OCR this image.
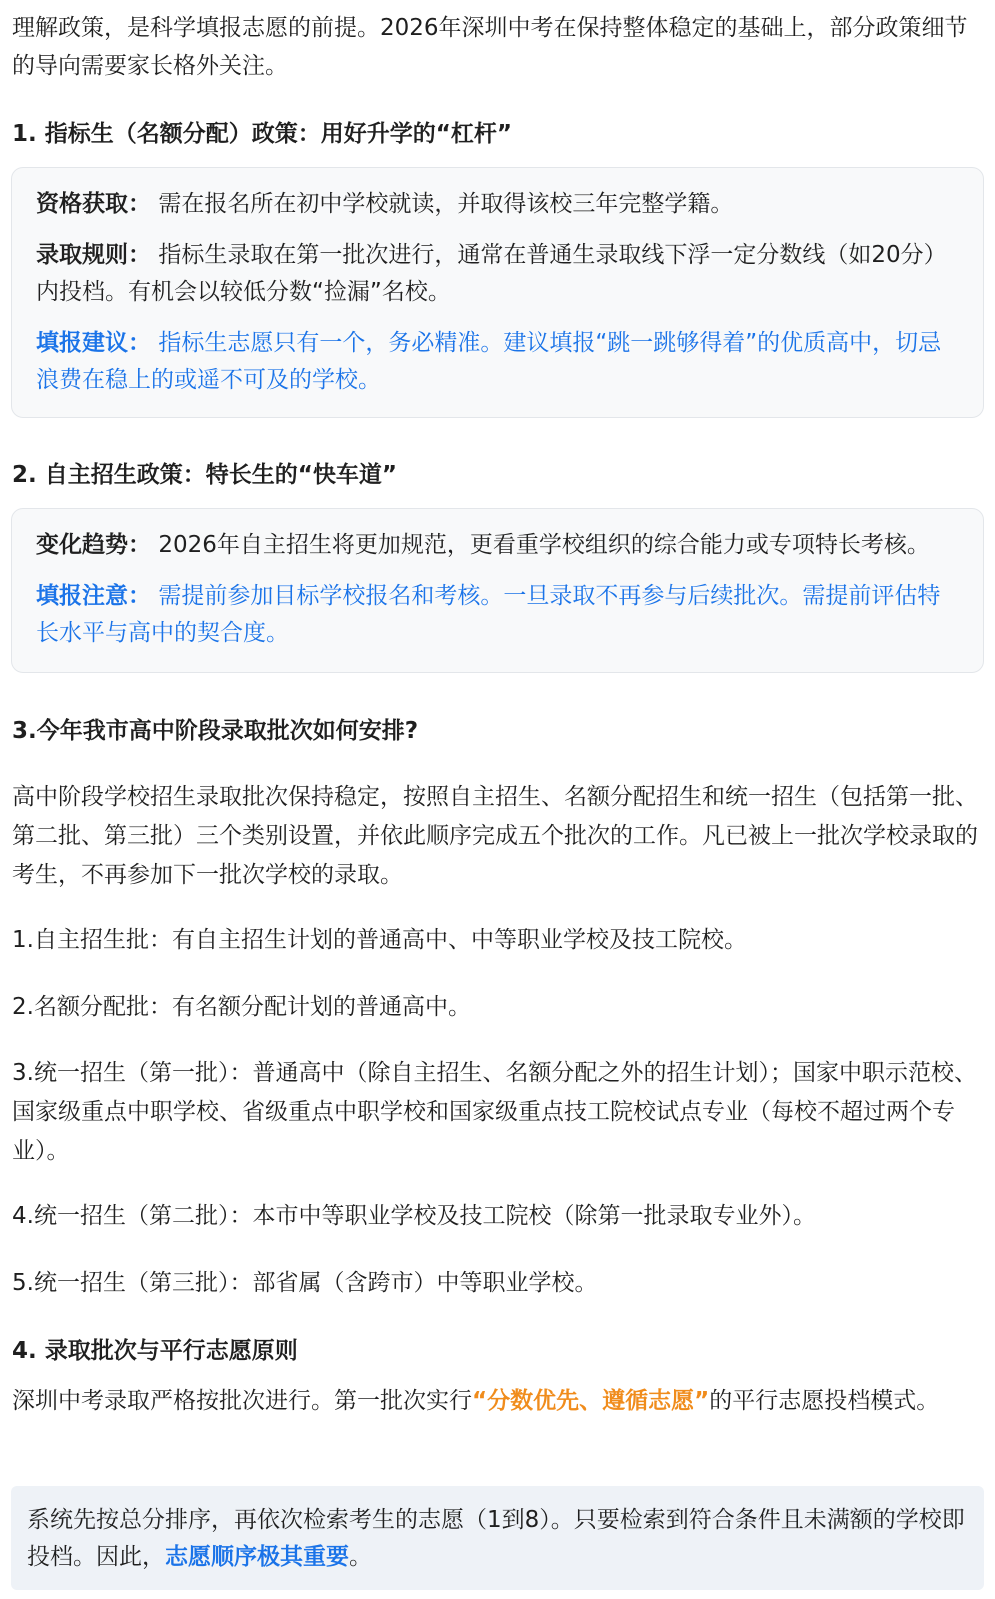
理解政策，是科学填报志愿的前提。2026年深圳中考在保持整体稳定的基础上，部分政策细节的导向需要家长格外关注。

1. 指标生（名额分配）政策：用好升学的“杠杆”

资格获取： 需在报名所在初中学校就读，并取得该校三年完整学籍。

录取规则： 指标生录取在第一批次进行，通常在普通生录取线下浮一定分数线（如20分）内投档。有机会以较低分数“捡漏”名校。

填报建议： 指标生志愿只有一个，务必精准。建议填报“跳一跳够得着”的优质高中，切忌浪费在稳上的或遥不可及的学校。

2. 自主招生政策：特长生的“快车道”

变化趋势： 2026年自主招生将更加规范，更看重学校组织的综合能力或专项特长考核。

填报注意： 需提前参加目标学校报名和考核。一旦录取不再参与后续批次。需提前评估特长水平与高中的契合度。

3.今年我市高中阶段录取批次如何安排?

高中阶段学校招生录取批次保持稳定，按照自主招生、名额分配招生和统一招生（包括第一批、第二批、第三批）三个类别设置，并依此顺序完成五个批次的工作。凡已被上一批次学校录取的考生，不再参加下一批次学校的录取。

1.自主招生批：有自主招生计划的普通高中、中等职业学校及技工院校。

2.名额分配批：有名额分配计划的普通高中。

3.统一招生（第一批）：普通高中（除自主招生、名额分配之外的招生计划）；国家中职示范校、国家级重点中职学校、省级重点中职学校和国家级重点技工院校试点专业（每校不超过两个专业）。

4.统一招生（第二批）：本市中等职业学校及技工院校（除第一批录取专业外）。

5.统一招生（第三批）：部省属（含跨市）中等职业学校。

4. 录取批次与平行志愿原则

深圳中考录取严格按批次进行。第一批次实行“分数优先、遵循志愿”的平行志愿投档模式。

系统先按总分排序，再依次检索考生的志愿（1到8）。只要检索到符合条件且未满额的学校即投档。因此，志愿顺序极其重要。
